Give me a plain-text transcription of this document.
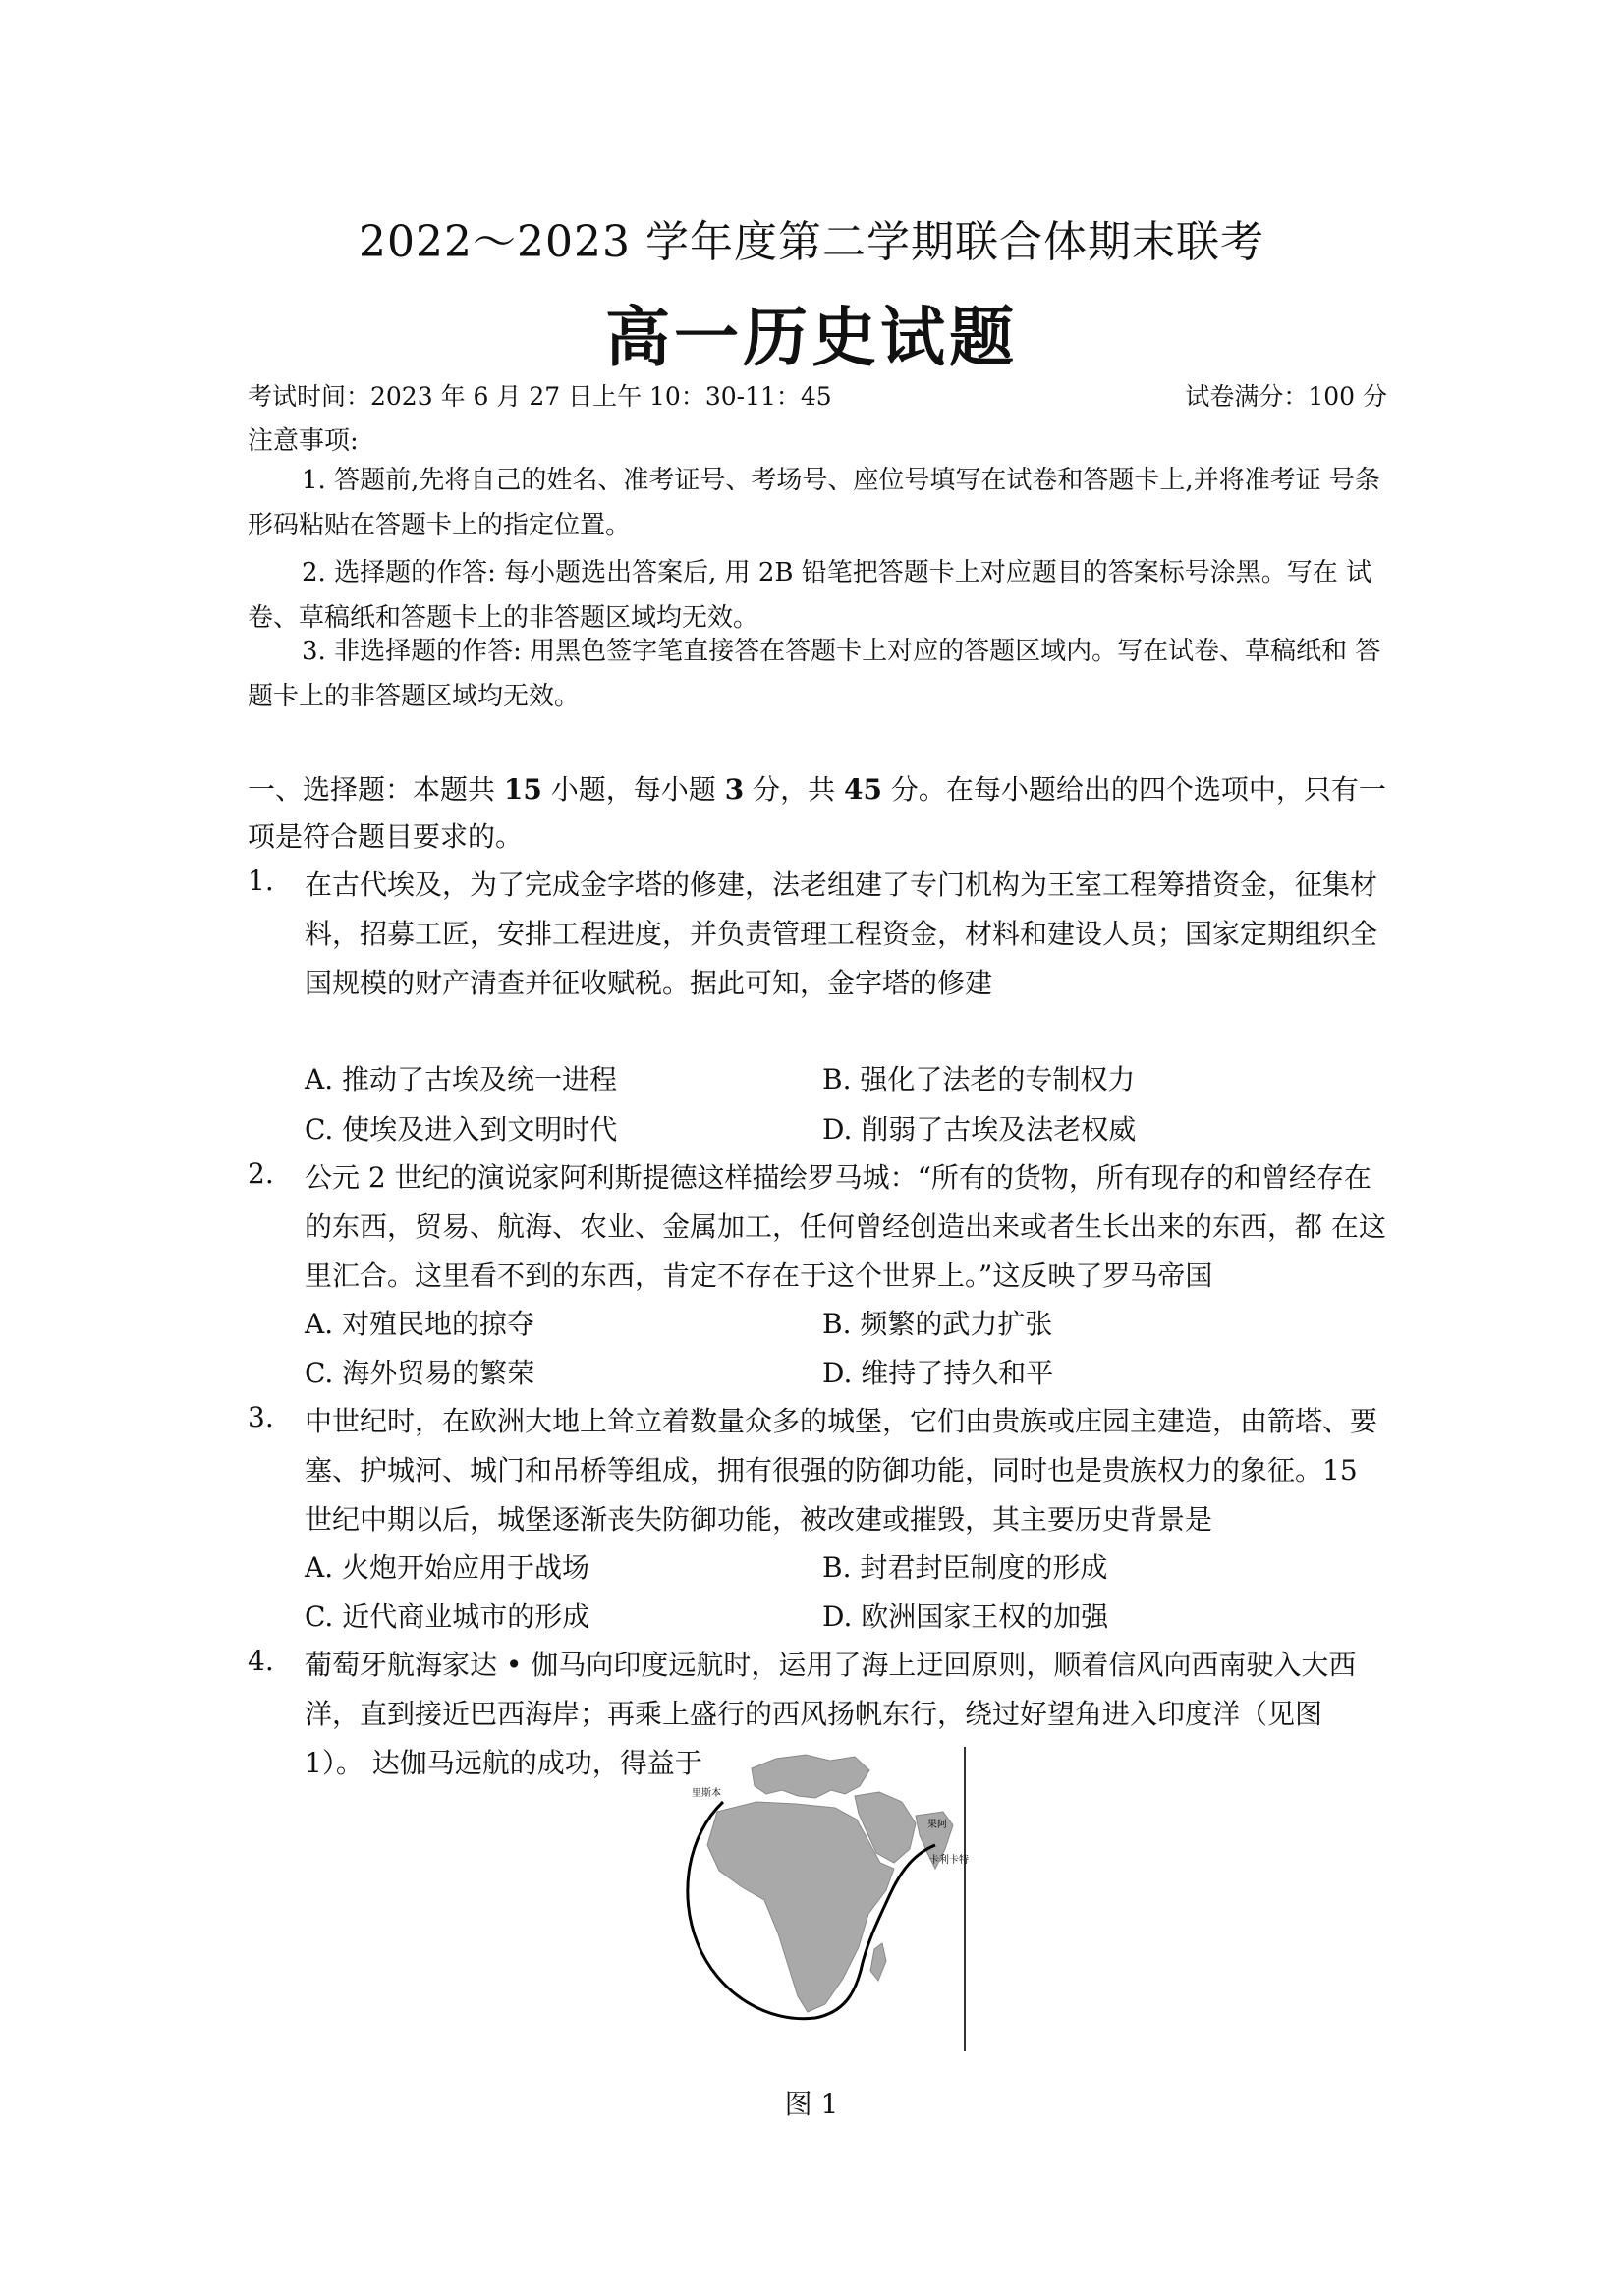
2022～2023 学年度第二学期联合体期末联考
高一历史试题
考试时间：2023 年 6 月 27 日上午 10：30-11：45	试卷满分：100 分
注意事项:
1. 答题前,先将自己的姓名、准考证号、考场号、座位号填写在试卷和答题卡上,并将准考证 号条形码粘贴在答题卡上的指定位置。
2. 选择题的作答: 每小题选出答案后, 用 2B 铅笔把答题卡上对应题目的答案标号涂黑。写在 试卷、草稿纸和答题卡上的非答题区域均无效。
3. 非选择题的作答: 用黑色签字笔直接答在答题卡上对应的答题区域内。写在试卷、草稿纸和 答题卡上的非答题区域均无效。
一、选择题：本题共 15 小题，每小题 3 分，共 45 分。在每小题给出的四个选项中，只有一项是符合题目要求的。
1. 在古代埃及，为了完成金字塔的修建，法老组建了专门机构为王室工程筹措资金，征集材料，招募工匠，安排工程进度，并负责管理工程资金，材料和建设人员；国家定期组织全国规模的财产清查并征收赋税。据此可知，金字塔的修建
A. 推动了古埃及统一进程	B. 强化了法老的专制权力
C. 使埃及进入到文明时代	D. 削弱了古埃及法老权威
2. 公元 2 世纪的演说家阿利斯提德这样描绘罗马城：“所有的货物，所有现存的和曾经存在的东西，贸易、航海、农业、金属加工，任何曾经创造出来或者生长出来的东西，都 在这里汇合。这里看不到的东西，肯定不存在于这个世界上。”这反映了罗马帝国
A. 对殖民地的掠夺	B. 频繁的武力扩张
C. 海外贸易的繁荣	D. 维持了持久和平
3. 中世纪时，在欧洲大地上耸立着数量众多的城堡，它们由贵族或庄园主建造，由箭塔、要塞、护城河、城门和吊桥等组成，拥有很强的防御功能，同时也是贵族权力的象征。15 世纪中期以后，城堡逐渐丧失防御功能，被改建或摧毁，其主要历史背景是
A. 火炮开始应用于战场	B. 封君封臣制度的形成
C. 近代商业城市的形成	D. 欧洲国家王权的加强
4. 葡萄牙航海家达 • 伽马向印度远航时，运用了海上迂回原则，顺着信风向西南驶入大西洋，直到接近巴西海岸；再乘上盛行的西风扬帆东行，绕过好望角进入印度洋（见图 1）。 达伽马远航的成功，得益于
里斯本
果阿
卡利卡特
图 1
